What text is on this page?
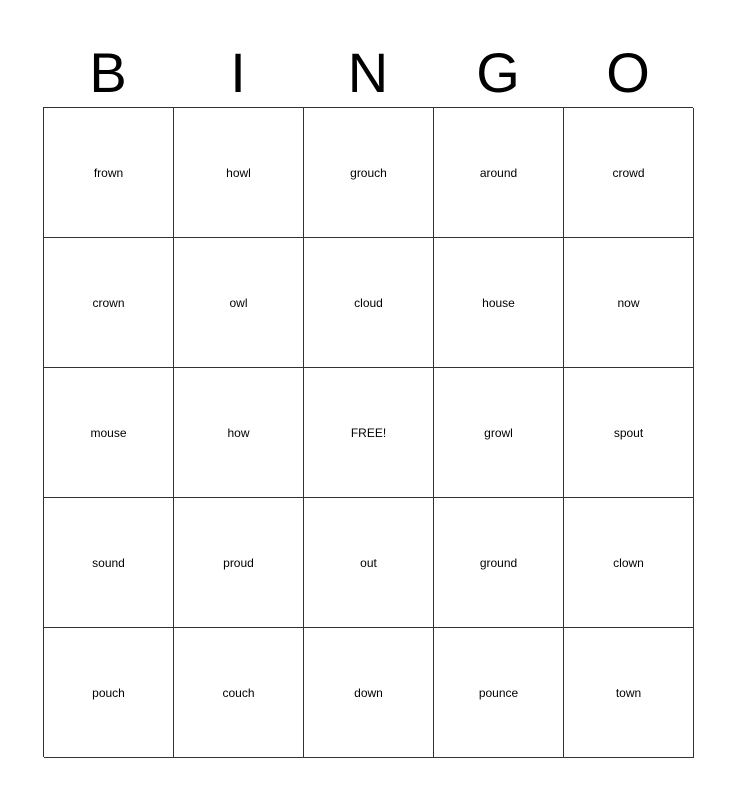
B	I	N	G	O
frown	howl	grouch	around	crowd
crown	owl	cloud	house	now
mouse	how	FREE!	growl	spout
sound	proud	out	ground	clown
pouch	couch	down	pounce	town
